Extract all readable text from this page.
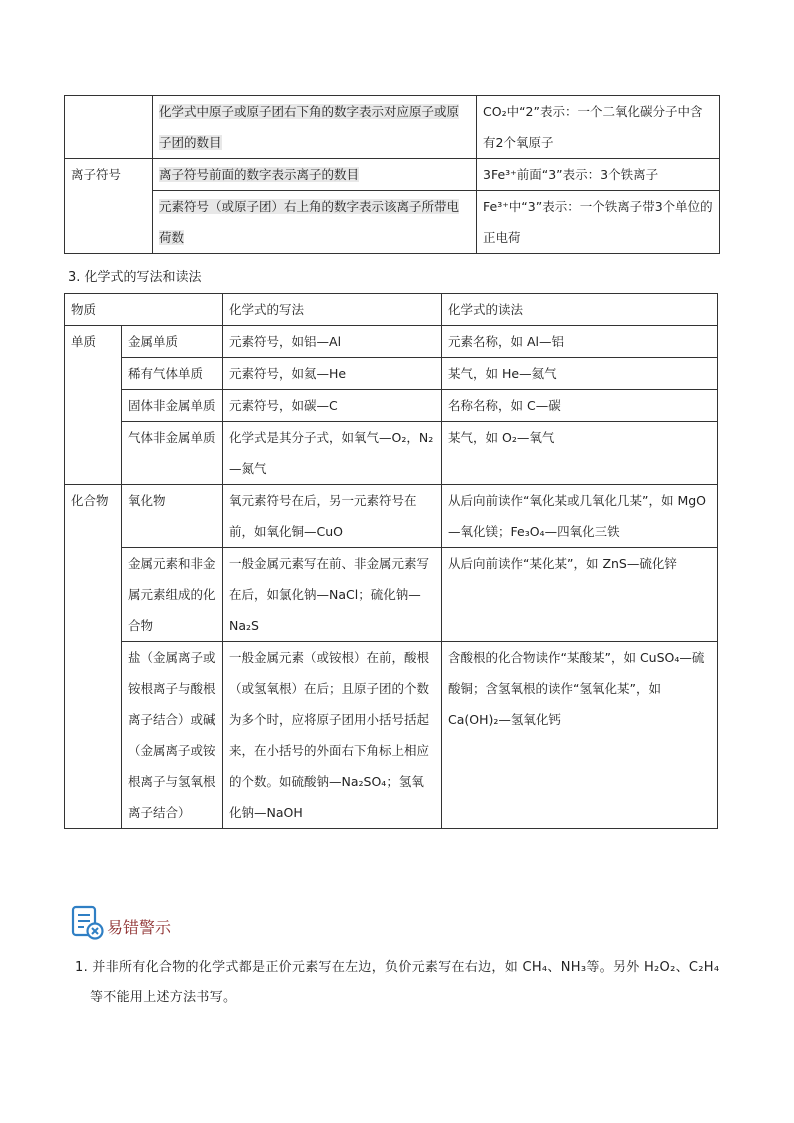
	化学式中原子或原子团右下角的数字表示对应原子或原子团的数目	CO₂中“2”表示：一个二氧化碳分子中含有2个氧原子
离子符号	离子符号前面的数字表示离子的数目	3Fe³⁺前面“3”表示：3个铁离子
	元素符号（或原子团）右上角的数字表示该离子所带电荷数	Fe³⁺中“3”表示：一个铁离子带3个单位的正电荷
3. 化学式的写法和读法
物质		化学式的写法	化学式的读法
单质	金属单质	元素符号，如铝—Al	元素名称，如 Al—铝
	稀有气体单质	元素符号，如氦—He	某气，如 He—氦气
	固体非金属单质	元素符号，如碳—C	名称名称，如 C—碳
	气体非金属单质	化学式是其分子式，如氧气—O₂，N₂—氮气	某气，如 O₂—氧气
化合物	氧化物	氧元素符号在后，另一元素符号在前，如氧化铜—CuO	从后向前读作“氧化某或几氧化几某”，如 MgO—氧化镁；Fe₃O₄—四氧化三铁
	金属元素和非金属元素组成的化合物	一般金属元素写在前、非金属元素写在后，如氯化钠—NaCl；硫化钠—Na₂S	从后向前读作“某化某”，如 ZnS—硫化锌
	盐（金属离子或铵根离子与酸根离子结合）或碱（金属离子或铵根离子与氢氧根离子结合）	一般金属元素（或铵根）在前，酸根（或氢氧根）在后；且原子团的个数为多个时，应将原子团用小括号括起来，在小括号的外面右下角标上相应的个数。如硫酸钠—Na₂SO₄；氢氧化钠—NaOH	含酸根的化合物读作“某酸某”，如 CuSO₄—硫酸铜；含氢氧根的读作“氢氧化某”，如 Ca(OH)₂—氢氧化钙
易错警示
1. 并非所有化合物的化学式都是正价元素写在左边，负价元素写在右边，如 CH₄、NH₃等。另外 H₂O₂、C₂H₄
等不能用上述方法书写。
